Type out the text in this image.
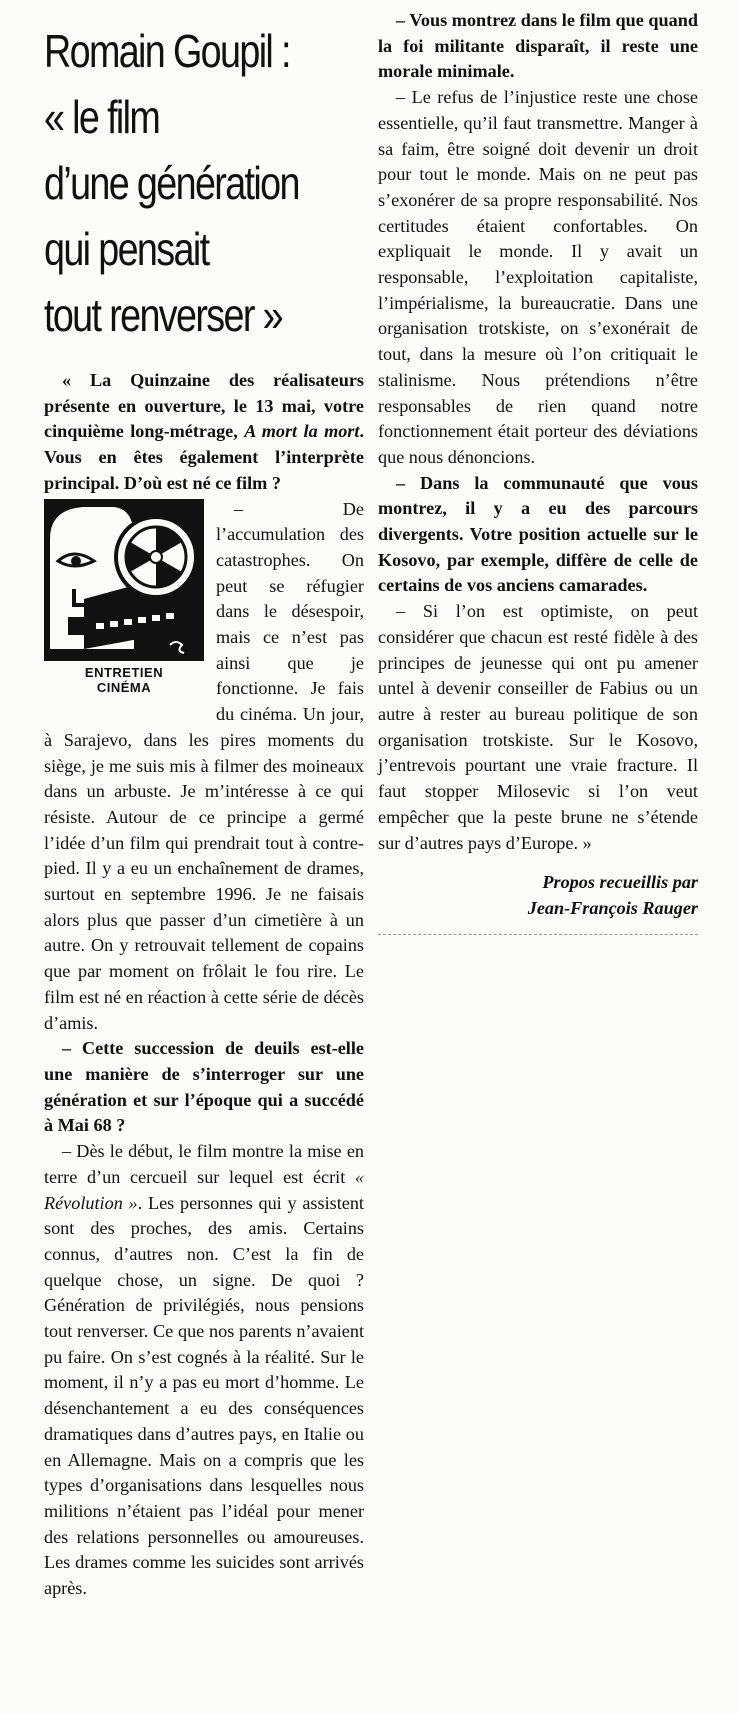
Romain Goupil :
« le film
d’une génération
qui pensait
tout renverser »

« La Quinzaine des réalisateurs présente en ouverture, le 13 mai, votre cinquième long-métrage, A mort la mort. Vous en êtes également l’interprète principal. D’où est né ce film ?

ENTRETIEN
CINÉMA

– De l’accumulation des catastrophes. On peut se réfugier dans le désespoir, mais ce n’est pas ainsi que je fonctionne. Je fais du cinéma. Un jour, à Sarajevo, dans les pires moments du siège, je me suis mis à filmer des moineaux dans un arbuste. Je m’intéresse à ce qui résiste. Autour de ce principe a germé l’idée d’un film qui prendrait tout à contre-pied. Il y a eu un enchaînement de drames, surtout en septembre 1996. Je ne faisais alors plus que passer d’un cimetière à un autre. On y retrouvait tellement de copains que par moment on frôlait le fou rire. Le film est né en réaction à cette série de décès d’amis.

– Cette succession de deuils est-elle une manière de s’interroger sur une génération et sur l’époque qui a succédé à Mai 68 ?

– Dès le début, le film montre la mise en terre d’un cercueil sur lequel est écrit « Révolution ». Les personnes qui y assistent sont des proches, des amis. Certains connus, d’autres non. C’est la fin de quelque chose, un signe. De quoi ? Génération de privilégiés, nous pensions tout renverser. Ce que nos parents n’avaient pu faire. On s’est cognés à la réalité. Sur le moment, il n’y a pas eu mort d’homme. Le désenchantement a eu des conséquences dramatiques dans d’autres pays, en Italie ou en Allemagne. Mais on a compris que les types d’organisations dans lesquelles nous militions n’étaient pas l’idéal pour mener des relations personnelles ou amoureuses. Les drames comme les suicides sont arrivés après.

– Vous montrez dans le film que quand la foi militante disparaît, il reste une morale minimale.

– Le refus de l’injustice reste une chose essentielle, qu’il faut transmettre. Manger à sa faim, être soigné doit devenir un droit pour tout le monde. Mais on ne peut pas s’exonérer de sa propre responsabilité. Nos certitudes étaient confortables. On expliquait le monde. Il y avait un responsable, l’exploitation capitaliste, l’impérialisme, la bureaucratie. Dans une organisation trotskiste, on s’exonérait de tout, dans la mesure où l’on critiquait le stalinisme. Nous prétendions n’être responsables de rien quand notre fonctionnement était porteur des déviations que nous dénoncions.

– Dans la communauté que vous montrez, il y a eu des parcours divergents. Votre position actuelle sur le Kosovo, par exemple, diffère de celle de certains de vos anciens camarades.

– Si l’on est optimiste, on peut considérer que chacun est resté fidèle à des principes de jeunesse qui ont pu amener untel à devenir conseiller de Fabius ou un autre à rester au bureau politique de son organisation trotskiste. Sur le Kosovo, j’entrevois pourtant une vraie fracture. Il faut stopper Milosevic si l’on veut empêcher que la peste brune ne s’étende sur d’autres pays d’Europe. »

Propos recueillis par
Jean-François Rauger
